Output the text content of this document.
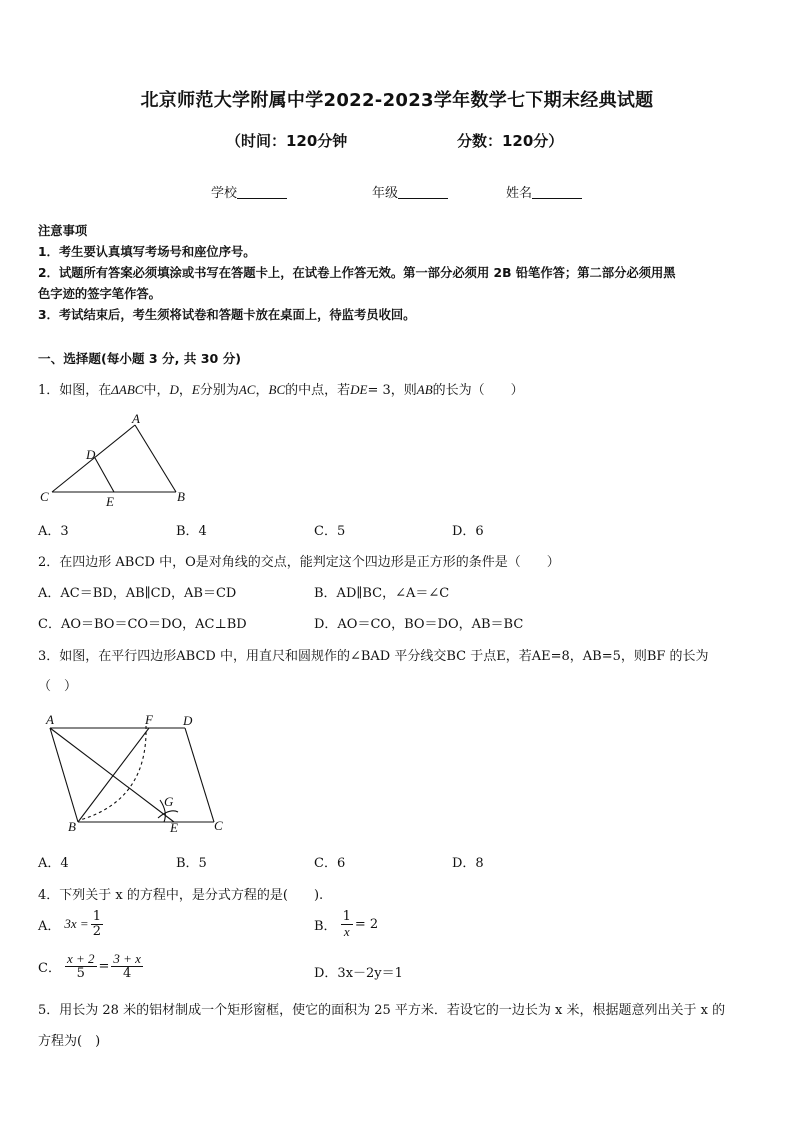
北京师范大学附属中学2022-2023学年数学七下期末经典试题
（时间：120分钟	分数：120分）
学校	年级	姓名
注意事项
1．考生要认真填写考场号和座位序号。
2．试题所有答案必须填涂或书写在答题卡上，在试卷上作答无效。第一部分必须用 2B 铅笔作答；第二部分必须用黑
色字迹的签字笔作答。
3．考试结束后，考生须将试卷和答题卡放在桌面上，待监考员收回。
一、选择题(每小题 3 分, 共 30 分)
1．如图，在ΔABC中，D，E分别为AC，BC的中点，若DE= 3，则AB的长为（　　）
A
B
C
D
E
A．3	B．4	C．5	D．6
2．在四边形 ABCD 中，O是对角线的交点，能判定这个四边形是正方形的条件是（　　）
A．AC＝BD，AB∥CD，AB＝CD	B．AD∥BC，∠A＝∠C
C．AO＝BO＝CO＝DO，AC⊥BD	D．AO＝CO，BO＝DO，AB＝BC
3．如图，在平行四边形ABCD 中，用直尺和圆规作的∠BAD 平分线交BC 于点E，若AE=8，AB=5，则BF 的长为
（　）
A	F D
G
B	E	C
A．4	B．5	C．6	D．8
4．下列关于 x 的方程中，是分式方程的是(　　).
A． $3x = \frac{1}{2}$	B． $\frac{1}{x} = 2$
C． $\frac{x + 2}{5} = \frac{3 + x}{4}$	D．3x－2y＝1
5．用长为 28 米的铝材制成一个矩形窗框，使它的面积为 25 平方米．若设它的一边长为 x 米，根据题意列出关于 x 的
方程为(　)
